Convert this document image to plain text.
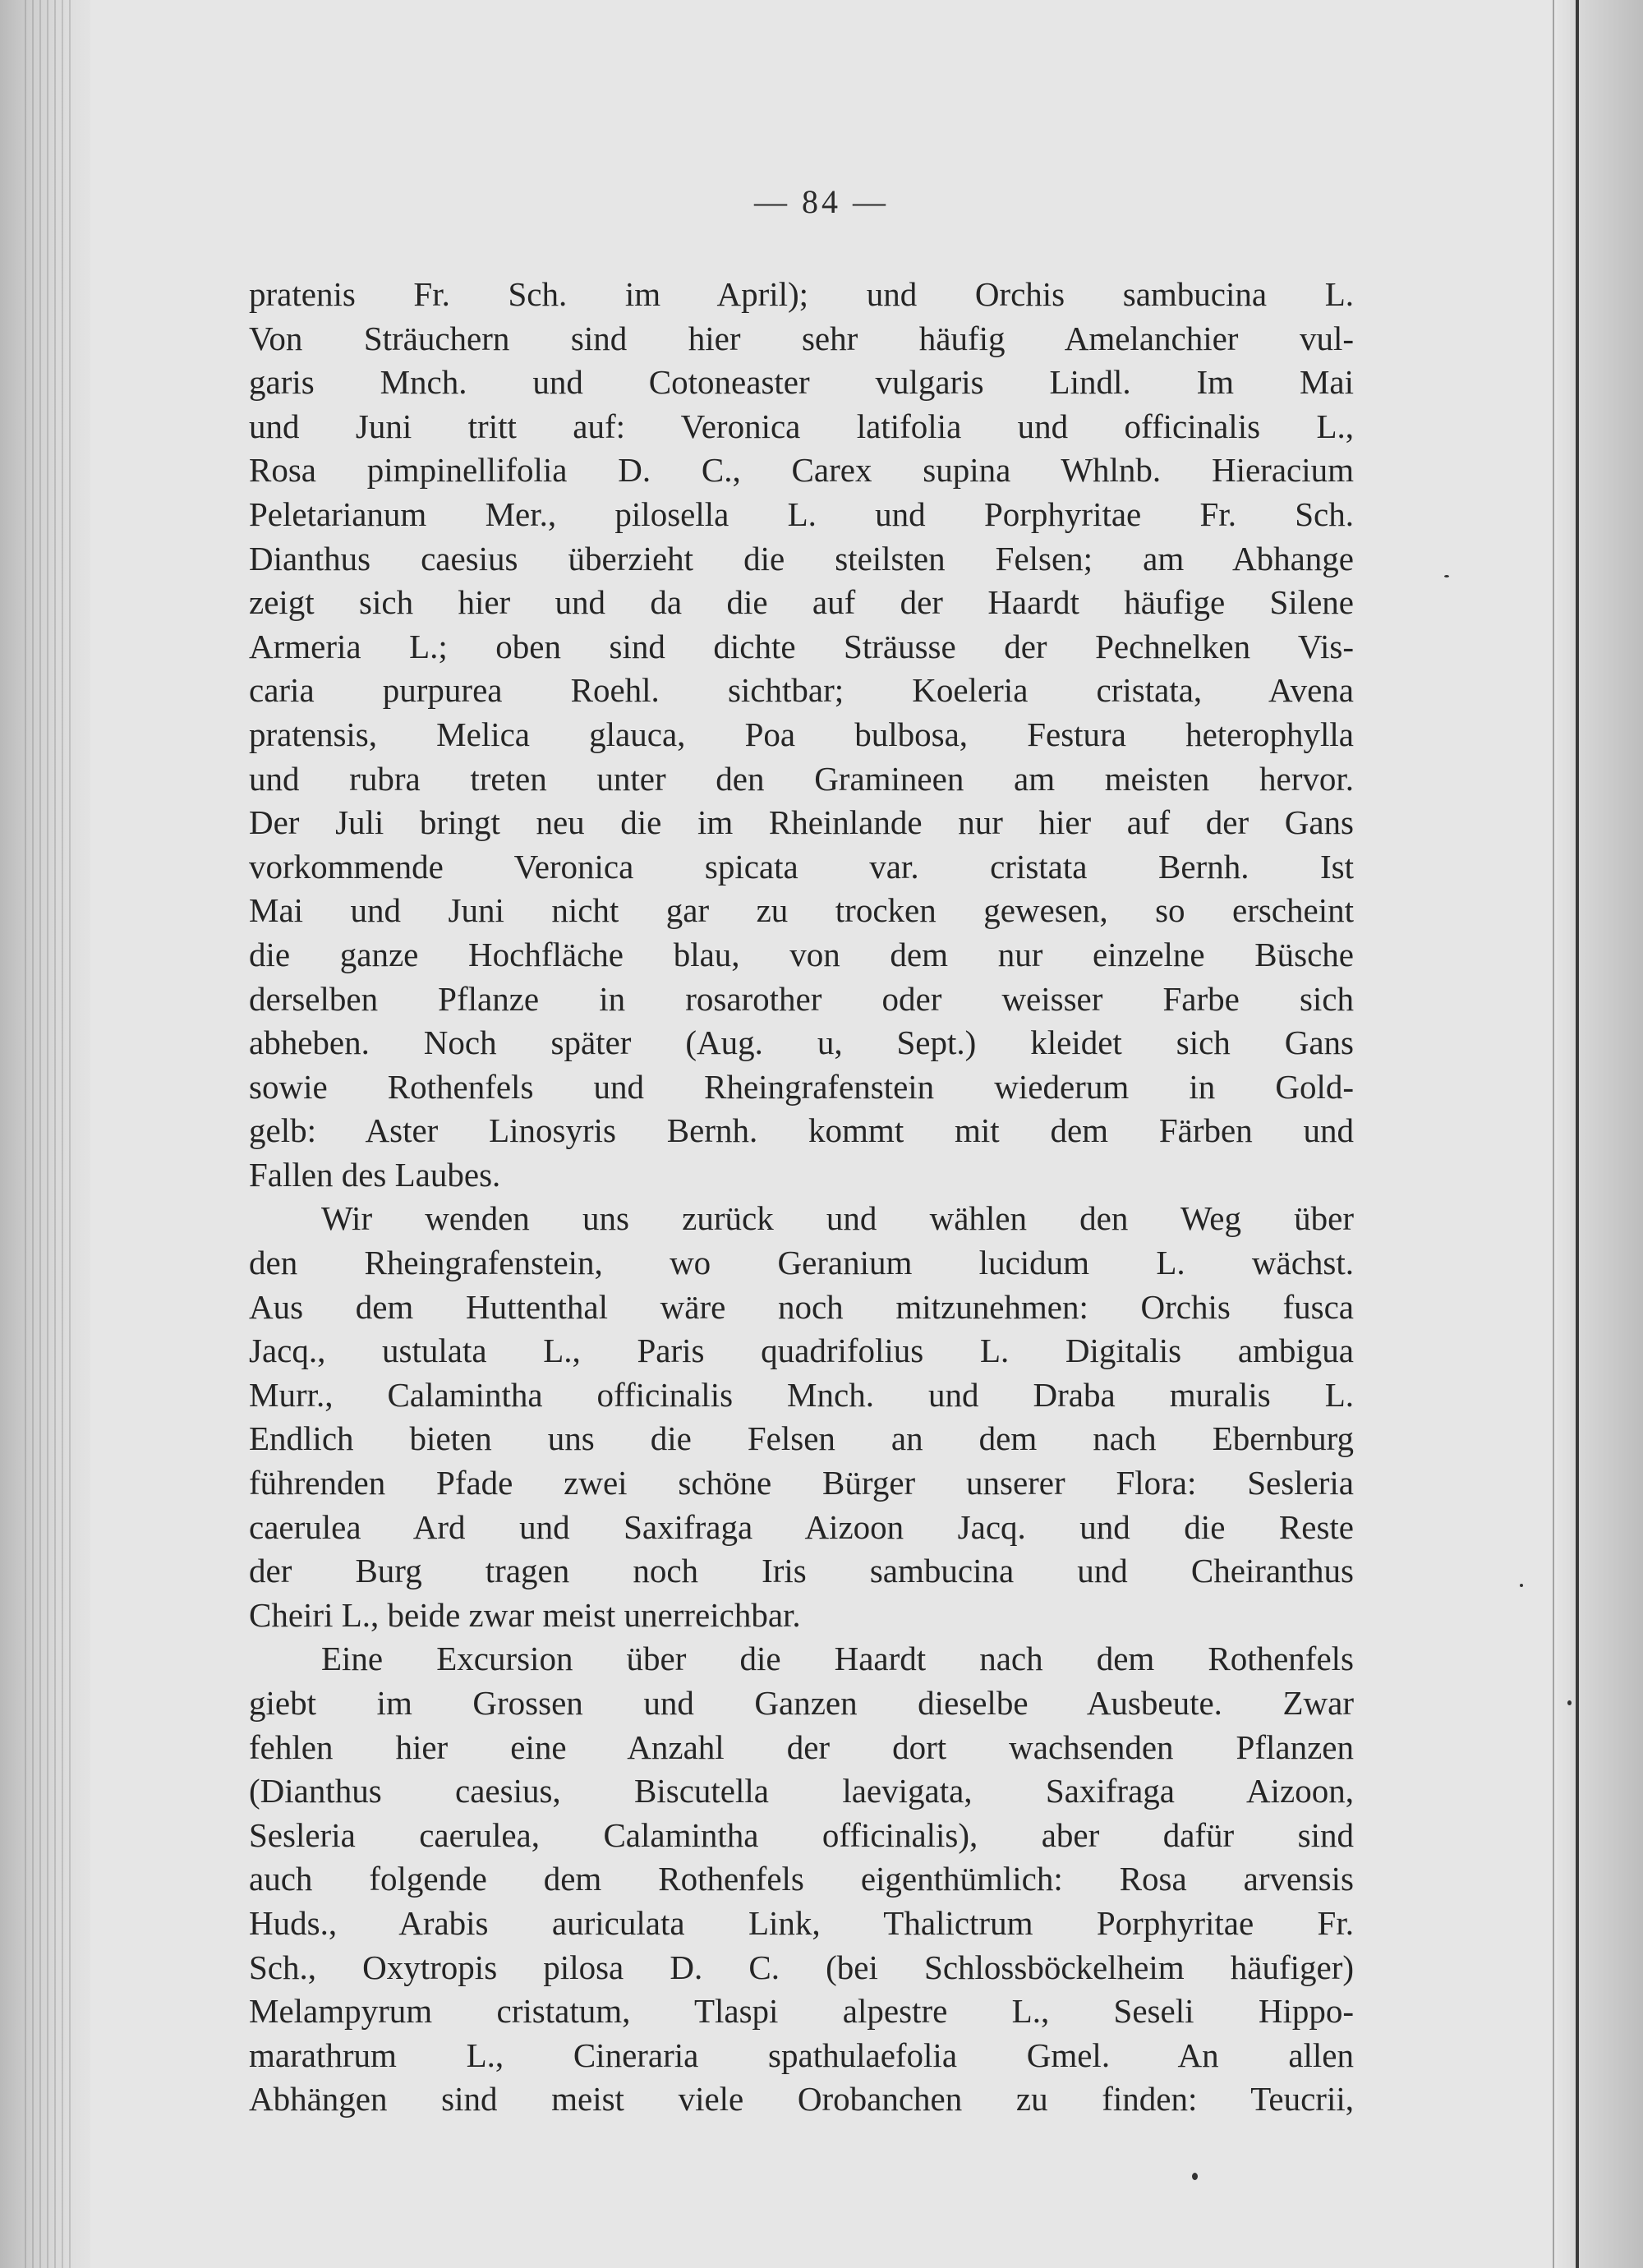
— 84 —
pratenis Fr. Sch. im April); und Orchis sambucina L.
Von Sträuchern sind hier sehr häufig Amelanchier vul-
garis Mnch. und Cotoneaster vulgaris Lindl. Im Mai
und Juni tritt auf: Veronica latifolia und officinalis L.,
Rosa pimpinellifolia D. C., Carex supina Whlnb. Hieracium
Peletarianum Mer., pilosella L. und Porphyritae Fr. Sch.
Dianthus caesius überzieht die steilsten Felsen; am Abhange
zeigt sich hier und da die auf der Haardt häufige Silene
Armeria L.; oben sind dichte Sträusse der Pechnelken Vis-
caria purpurea Roehl. sichtbar; Koeleria cristata, Avena
pratensis, Melica glauca, Poa bulbosa, Festura heterophylla
und rubra treten unter den Gramineen am meisten hervor.
Der Juli bringt neu die im Rheinlande nur hier auf der Gans
vorkommende Veronica spicata var. cristata Bernh. Ist
Mai und Juni nicht gar zu trocken gewesen, so erscheint
die ganze Hochfläche blau, von dem nur einzelne Büsche
derselben Pflanze in rosarother oder weisser Farbe sich
abheben. Noch später (Aug. u, Sept.) kleidet sich Gans
sowie Rothenfels und Rheingrafenstein wiederum in Gold-
gelb: Aster Linosyris Bernh. kommt mit dem Färben und
Fallen des Laubes.
Wir wenden uns zurück und wählen den Weg über
den Rheingrafenstein, wo Geranium lucidum L. wächst.
Aus dem Huttenthal wäre noch mitzunehmen: Orchis fusca
Jacq., ustulata L., Paris quadrifolius L. Digitalis ambigua
Murr., Calamintha officinalis Mnch. und Draba muralis L.
Endlich bieten uns die Felsen an dem nach Ebernburg
führenden Pfade zwei schöne Bürger unserer Flora: Sesleria
caerulea Ard und Saxifraga Aizoon Jacq. und die Reste
der Burg tragen noch Iris sambucina und Cheiranthus
Cheiri L., beide zwar meist unerreichbar.
Eine Excursion über die Haardt nach dem Rothenfels
giebt im Grossen und Ganzen dieselbe Ausbeute. Zwar
fehlen hier eine Anzahl der dort wachsenden Pflanzen
(Dianthus caesius, Biscutella laevigata, Saxifraga Aizoon,
Sesleria caerulea, Calamintha officinalis), aber dafür sind
auch folgende dem Rothenfels eigenthümlich: Rosa arvensis
Huds., Arabis auriculata Link, Thalictrum Porphyritae Fr.
Sch., Oxytropis pilosa D. C. (bei Schlossböckelheim häufiger)
Melampyrum cristatum, Tlaspi alpestre L., Seseli Hippo-
marathrum L., Cineraria spathulaefolia Gmel. An allen
Abhängen sind meist viele Orobanchen zu finden: Teucrii,
